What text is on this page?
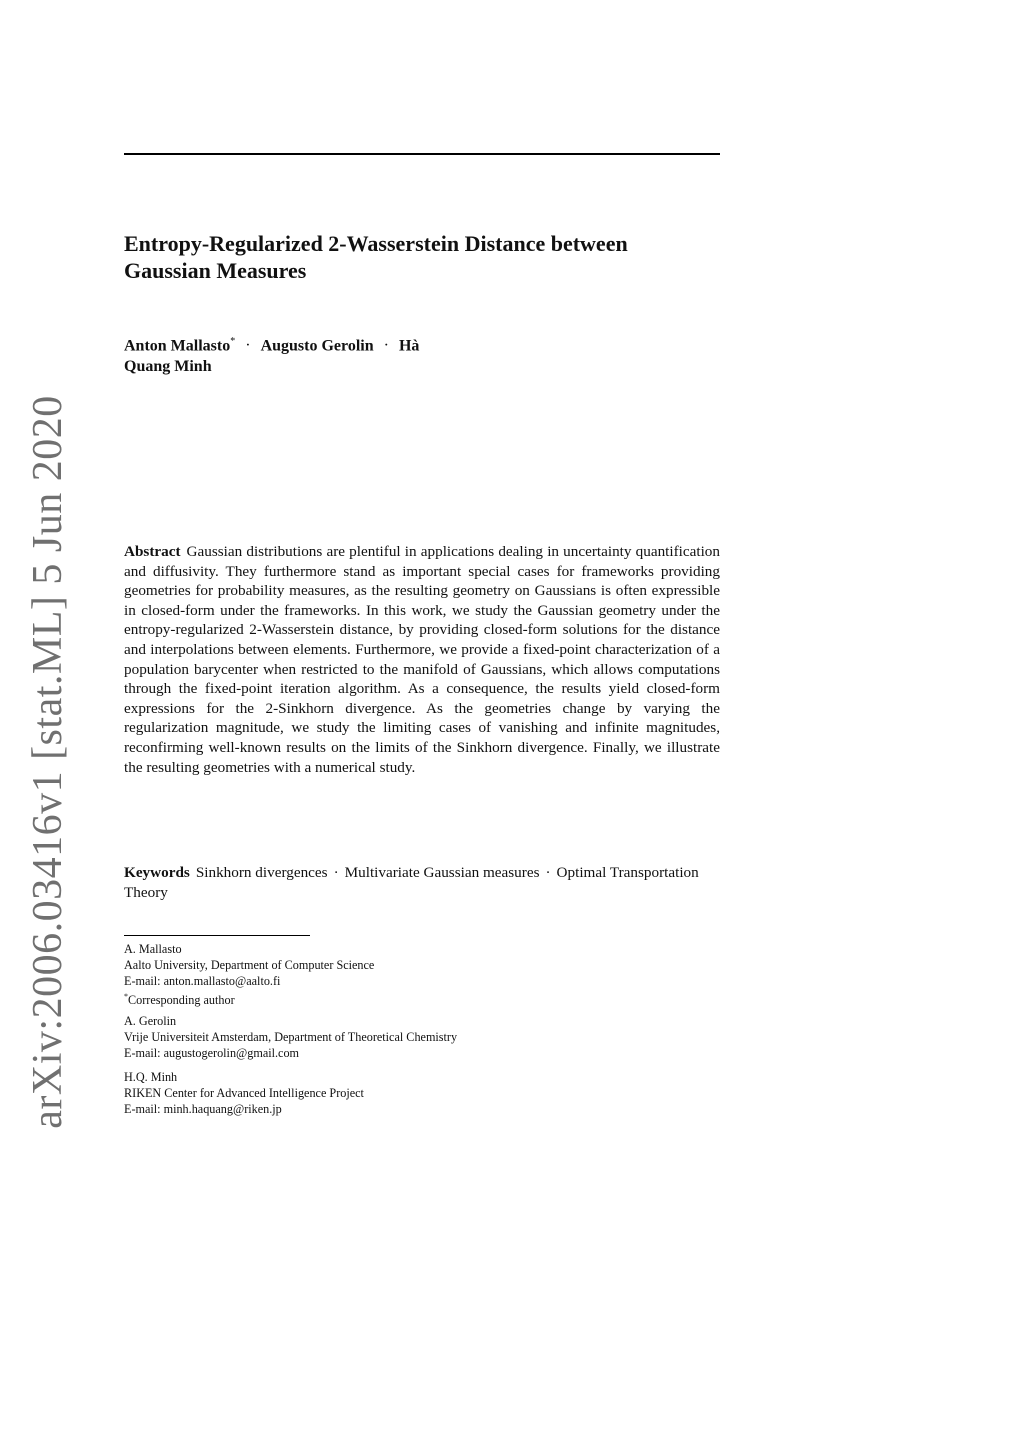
arXiv:2006.03416v1 [stat.ML] 5 Jun 2020
Entropy-Regularized 2-Wasserstein Distance between
Gaussian Measures
Anton Mallasto* · Augusto Gerolin · Hà
Quang Minh
Abstract Gaussian distributions are plentiful in applications dealing in uncertainty quantification and diffusivity. They furthermore stand as important special cases for frameworks providing geometries for probability measures, as the resulting geometry on Gaussians is often expressible in closed-form under the frameworks. In this work, we study the Gaussian geometry under the entropy-regularized 2-Wasserstein distance, by providing closed-form solutions for the distance and interpolations between elements. Furthermore, we provide a fixed-point characterization of a population barycenter when restricted to the manifold of Gaussians, which allows computations through the fixed-point iteration algorithm. As a consequence, the results yield closed-form expressions for the 2-Sinkhorn divergence. As the geometries change by varying the regularization magnitude, we study the limiting cases of vanishing and infinite magnitudes, reconfirming well-known results on the limits of the Sinkhorn divergence. Finally, we illustrate the resulting geometries with a numerical study.
Keywords Sinkhorn divergences · Multivariate Gaussian measures · Optimal Transportation Theory
A. Mallasto
Aalto University, Department of Computer Science
E-mail: anton.mallasto@aalto.fi
*Corresponding author
A. Gerolin
Vrije Universiteit Amsterdam, Department of Theoretical Chemistry
E-mail: augustogerolin@gmail.com
H.Q. Minh
RIKEN Center for Advanced Intelligence Project
E-mail: minh.haquang@riken.jp
